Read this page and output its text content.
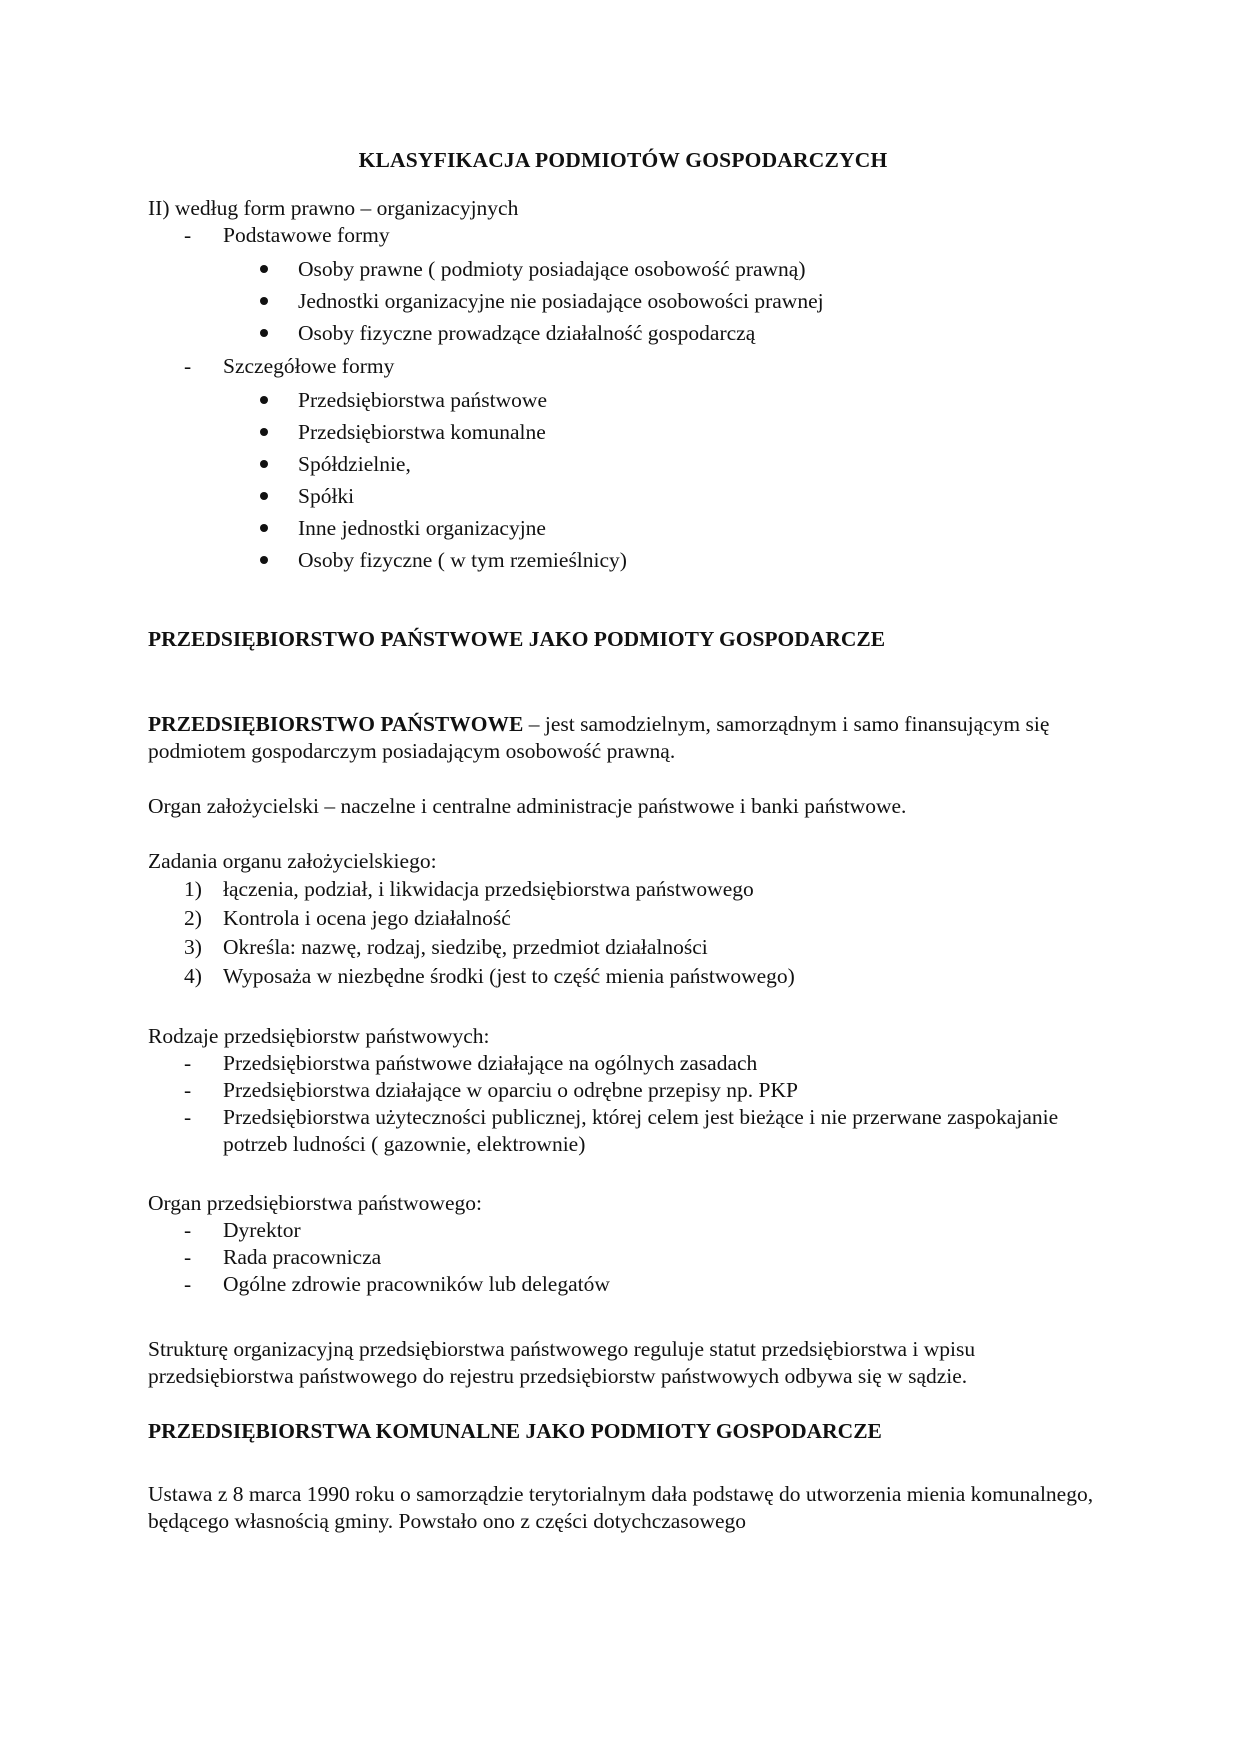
KLASYFIKACJA PODMIOTÓW GOSPODARCZYCH

II) według form prawno – organizacyjnych

- Podstawowe formy
Osoby prawne ( podmioty posiadające osobowość prawną)
Jednostki organizacyjne nie posiadające osobowości prawnej
Osoby fizyczne prowadzące działalność gospodarczą
- Szczegółowe formy
Przedsiębiorstwa państwowe
Przedsiębiorstwa komunalne
Spółdzielnie,
Spółki
Inne jednostki organizacyjne
Osoby fizyczne ( w tym rzemieślnicy)

PRZEDSIĘBIORSTWO PAŃSTWOWE JAKO PODMIOTY GOSPODARCZE

PRZEDSIĘBIORSTWO PAŃSTWOWE – jest samodzielnym, samorządnym i samo finansującym się podmiotem gospodarczym posiadającym osobowość prawną.

Organ założycielski – naczelne i centralne administracje państwowe i banki państwowe.

Zadania organu założycielskiego:

1) łączenia, podział, i likwidacja przedsiębiorstwa państwowego
2) Kontrola i ocena jego działalność
3) Określa: nazwę, rodzaj, siedzibę, przedmiot działalności
4) Wyposaża w niezbędne środki (jest to część mienia państwowego)

Rodzaje przedsiębiorstw państwowych:

- Przedsiębiorstwa państwowe działające na ogólnych zasadach
- Przedsiębiorstwa działające w oparciu o odrębne przepisy np. PKP
- Przedsiębiorstwa użyteczności publicznej, której celem jest bieżące i nie przerwane zaspokajanie potrzeb ludności ( gazownie, elektrownie)

Organ przedsiębiorstwa państwowego:

- Dyrektor
- Rada pracownicza
- Ogólne zdrowie pracowników lub delegatów

Strukturę organizacyjną przedsiębiorstwa państwowego reguluje statut przedsiębiorstwa i wpisu przedsiębiorstwa państwowego do rejestru przedsiębiorstw państwowych odbywa się w sądzie.

PRZEDSIĘBIORSTWA KOMUNALNE JAKO PODMIOTY GOSPODARCZE

Ustawa z 8 marca 1990 roku o samorządzie terytorialnym dała podstawę do utworzenia mienia komunalnego, będącego własnością gminy. Powstało ono z części dotychczasowego
